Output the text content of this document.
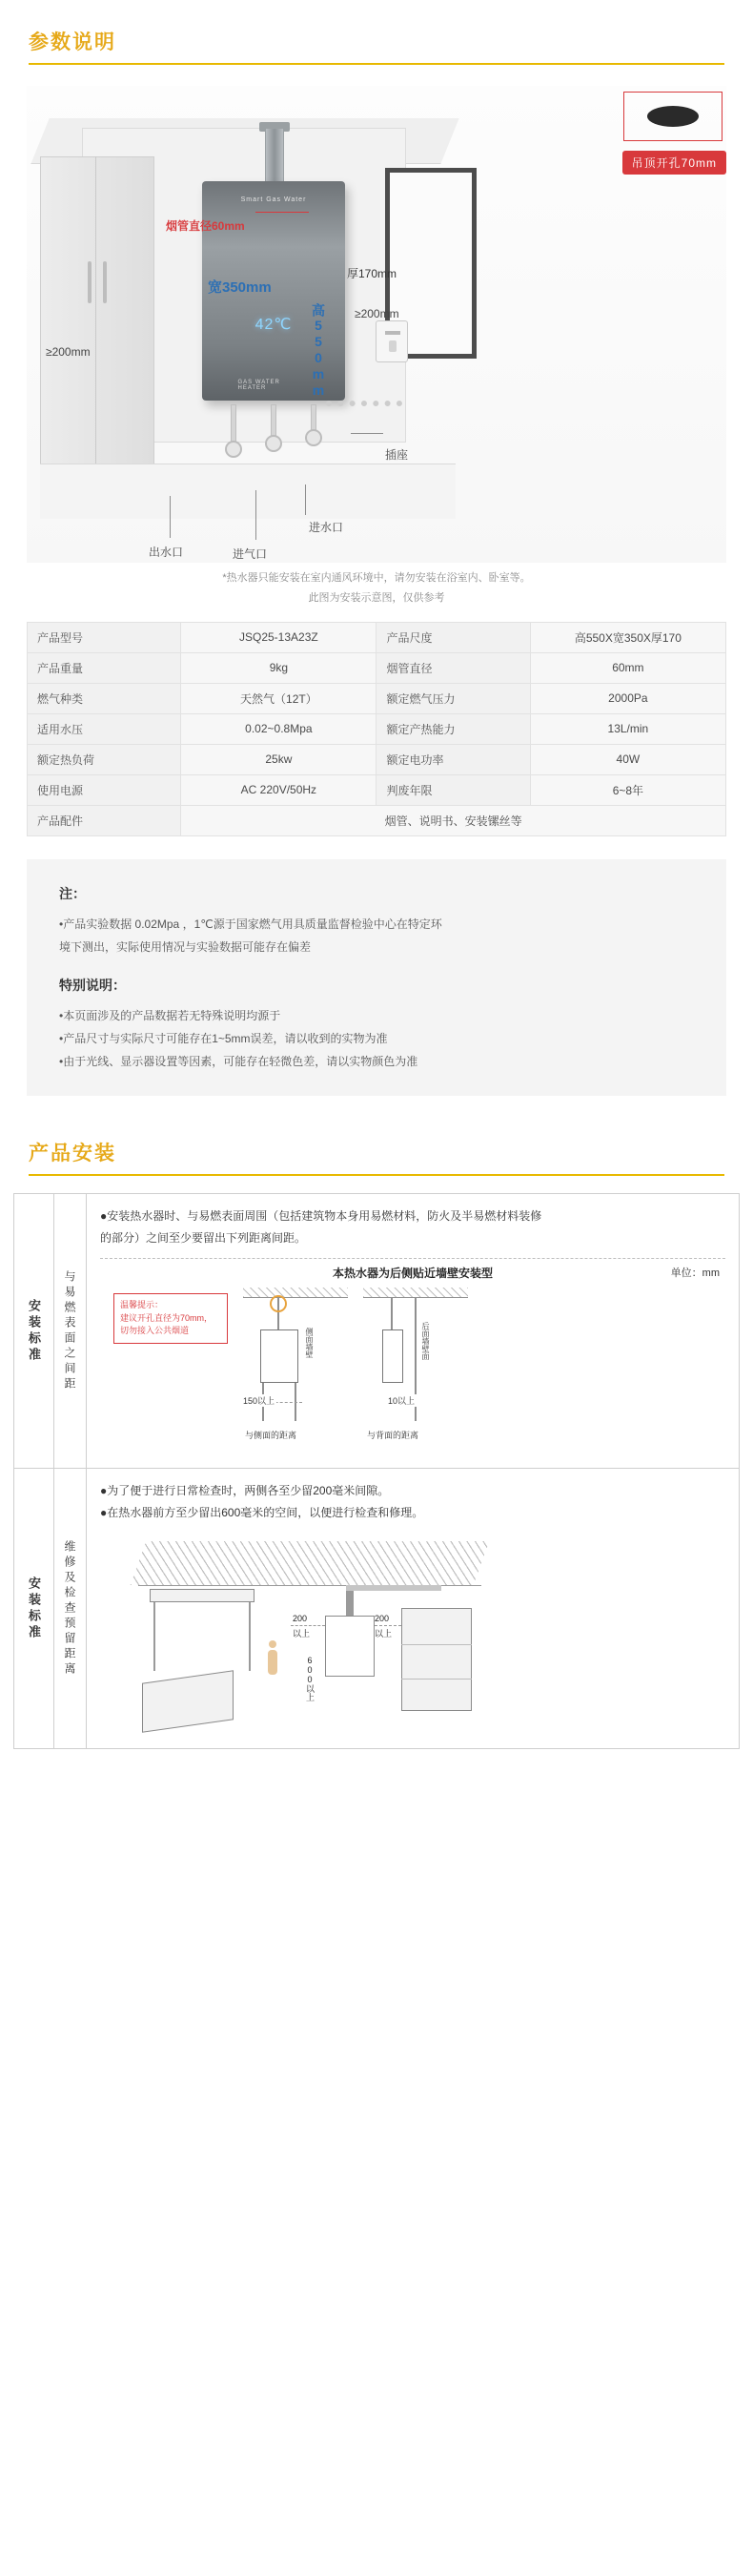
参数说明
Smart Gas Water
42℃
GAS WATER HEATER
烟管直径60mm
吊顶开孔70mm
宽350mm
高550mm
厚170mm
≥200mm
≥200mm
插座
出水口	进气口
进水口
*热水器只能安装在室内通风环境中，请勿安装在浴室内、卧室等。
此图为安装示意图，仅供参考
产品型号	JSQ25-13A23Z	产品尺度	高550X宽350X厚170
产品重量	9kg	烟管直径	60mm
燃气种类	天然气（12T）	额定燃气压力	2000Pa
适用水压	0.02~0.8Mpa	额定产热能力	13L/min
额定热负荷	25kw	额定电功率	40W
使用电源	AC 220V/50Hz	判废年限	6~8年
产品配件	烟管、说明书、安装镙丝等		
注：

•产品实验数据 0.02Mpa ，1℃源于国家燃气用具质量监督检验中心在特定环

境下测出，实际使用情况与实验数据可能存在偏差

特别说明：

•本页面涉及的产品数据若无特殊说明均源于

•产品尺寸与实际尺寸可能存在1~5mm误差，请以收到的实物为准

•由于光线、显示器设置等因素，可能存在轻微色差，请以实物颜色为准

产品安装
安装标准 与易燃表面之间距
●安装热水器时、与易燃表面周围（包括建筑物本身用易燃材料，防火及半易燃材料装修
的部分）之间至少要留出下列距离间距。
本热水器为后侧贴近墙壁安装型	单位：mm
温馨提示：
建议开孔直径为70mm，
切勿接入公共烟道
150以上
与侧面的距离
侧面墙壁
10以上
与背面的距离
后面墙壁面
安装标准 维修及检查预留距离
●为了便于进行日常检查时，两侧各至少留200毫米间隙。
●在热水器前方至少留出600毫米的空间，以便进行检查和修理。
200
以上
200
以上
600以上
